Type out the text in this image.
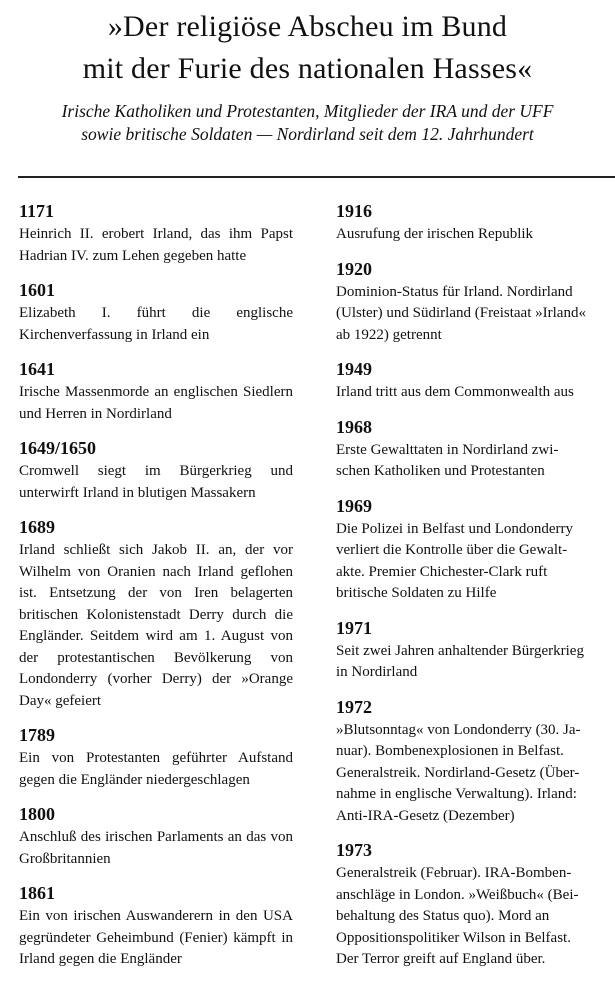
»Der religiöse Abscheu im Bund
mit der Furie des nationalen Hasses«
Irische Katholiken und Protestanten, Mitglieder der IRA und der UFF
sowie britische Soldaten — Nordirland seit dem 12. Jahrhundert
1171
Heinrich II. erobert Irland, das ihm Papst Hadrian IV. zum Lehen gegeben hatte
1601
Elizabeth I. führt die englische Kirchenverfassung in Irland ein
1641
Irische Massenmorde an englischen Siedlern und Herren in Nordirland
1649/1650
Cromwell siegt im Bürgerkrieg und unterwirft Irland in blutigen Massakern
1689
Irland schließt sich Jakob II. an, der vor Wilhelm von Oranien nach Irland geflohen ist. Entsetzung der von Iren belagerten britischen Kolonistenstadt Derry durch die Engländer. Seitdem wird am 1. August von der protestantischen Bevölkerung von Londonderry (vorher Derry) der »Orange Day« gefeiert
1789
Ein von Protestanten geführter Aufstand gegen die Engländer niedergeschlagen
1800
Anschluß des irischen Parlaments an das von Großbritannien
1861
Ein von irischen Auswanderern in den USA gegründeter Geheimbund (Fenier) kämpft in Irland gegen die Engländer
1916
Ausrufung der irischen Republik
1920
Dominion-Status für Irland. Nordirland
(Ulster) und Südirland (Freistaat »Irland«
ab 1922) getrennt
1949
Irland tritt aus dem Commonwealth aus
1968
Erste Gewalttaten in Nordirland zwi-
schen Katholiken und Protestanten
1969
Die Polizei in Belfast und Londonderry
verliert die Kontrolle über die Gewalt-
akte. Premier Chichester-Clark ruft
britische Soldaten zu Hilfe
1971
Seit zwei Jahren anhaltender Bürgerkrieg
in Nordirland
1972
»Blutsonntag« von Londonderry (30. Ja-
nuar). Bombenexplosionen in Belfast.
Generalstreik. Nordirland-Gesetz (Über-
nahme in englische Verwaltung). Irland:
Anti-IRA-Gesetz (Dezember)
1973
Generalstreik (Februar). IRA-Bomben-
anschläge in London. »Weißbuch« (Bei-
behaltung des Status quo). Mord an
Oppositionspolitiker Wilson in Belfast.
Der Terror greift auf England über.
